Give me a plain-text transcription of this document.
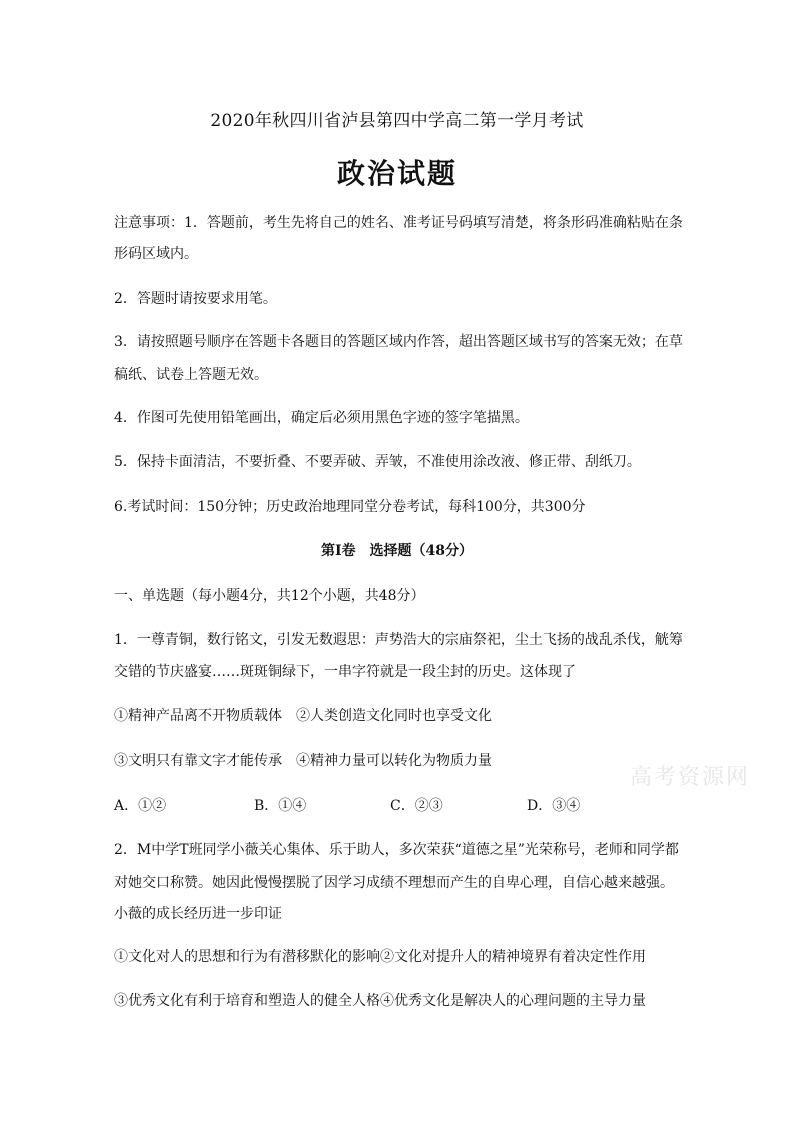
2020年秋四川省泸县第四中学高二第一学月考试
政治试题
注意事项：1．答题前，考生先将自己的姓名、准考证号码填写清楚，将条形码准确粘贴在条
形码区域内。
2．答题时请按要求用笔。
3．请按照题号顺序在答题卡各题目的答题区域内作答，超出答题区域书写的答案无效；在草
稿纸、试卷上答题无效。
4．作图可先使用铅笔画出，确定后必须用黑色字迹的签字笔描黑。
5．保持卡面清洁，不要折叠、不要弄破、弄皱，不准使用涂改液、修正带、刮纸刀。
6.考试时间：150分钟；历史政治地理同堂分卷考试，每科100分，共300分
第I卷　选择题（48分）
一、单选题（每小题4分，共12个小题，共48分）
1．一尊青铜，数行铭文，引发无数遐思：声势浩大的宗庙祭祀，尘土飞扬的战乱杀伐，觥筹
交错的节庆盛宴……斑斑铜绿下，一串字符就是一段尘封的历史。这体现了
①精神产品离不开物质载体　②人类创造文化同时也享受文化
③文明只有靠文字才能传承　④精神力量可以转化为物质力量
A．①②	B．①④	C．②③	D．③④
2．M中学T班同学小薇关心集体、乐于助人，多次荣获“道德之星”光荣称号，老师和同学都
对她交口称赞。她因此慢慢摆脱了因学习成绩不理想而产生的自卑心理，自信心越来越强。
小薇的成长经历进一步印证
①文化对人的思想和行为有潜移默化的影响②文化对提升人的精神境界有着决定性作用
③优秀文化有利于培育和塑造人的健全人格④优秀文化是解决人的心理问题的主导力量
高考资源网
